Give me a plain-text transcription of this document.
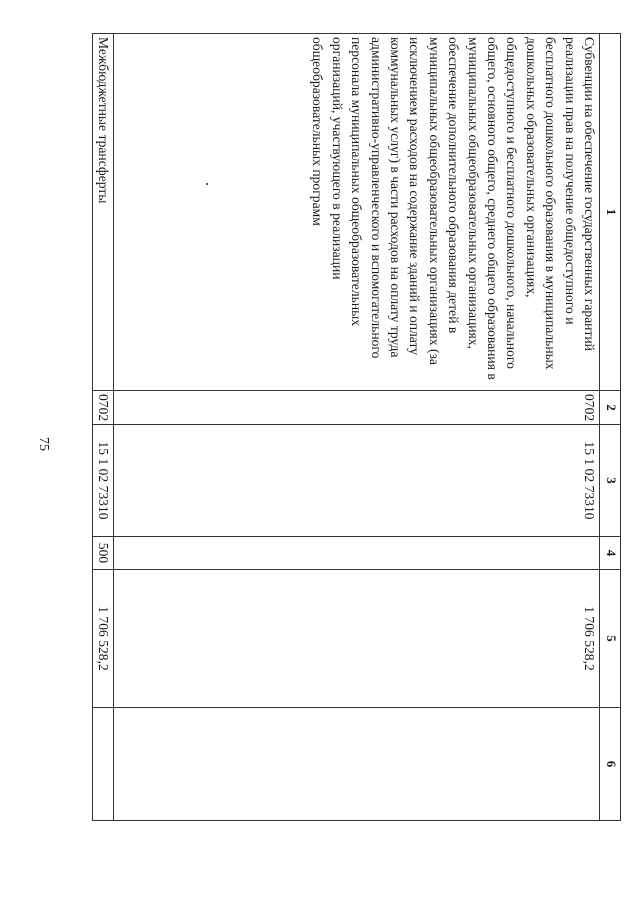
75
1	2	3	4	5	6
Субвенции на обеспечение государственных гарантий реализации прав на получение общедоступного и бесплатного дошкольного образования в муниципальных дошкольных образовательных организациях, общедоступного и бесплатного дошкольного, начального общего, основного общего, среднего общего образования в муниципальных общеобразовательных организациях, обеспечение дополнительного образования детей в муниципальных общеобразовательных организациях (за исключением расходов на содержание зданий и оплату коммунальных услуг) в части расходов на оплату труда административно-управленческого и вспомогательного персонала муниципальных общеобразовательных организаций, участвующего в реализации общеобразовательных программ	0702	15 1 02 73310		1 706 528,2	
Межбюджетные трансферты	0702	15 1 02 73310	500	1 706 528,2	
